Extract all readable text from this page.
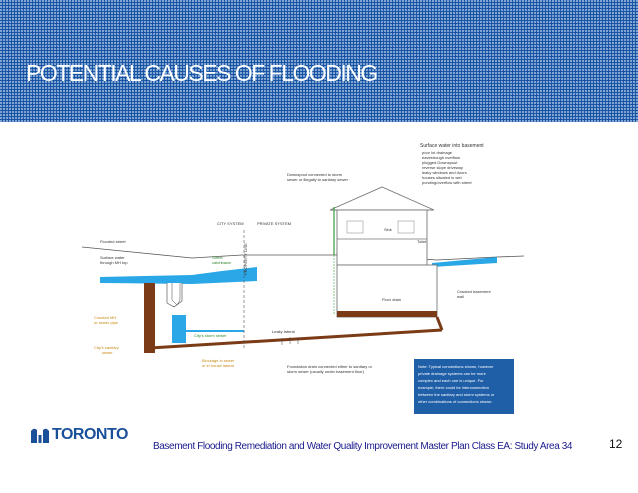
POTENTIAL CAUSES OF FLOODING
Surface water into basement
poor lot drainage
eavestrough overflow
plugged Downspout
reverse slope driveway
leaky windows and doors
houses situated in wet
ponding/overflow with street
Downspout connected to storm
sewer or illegally to sanitary sewer
CITY SYSTEM	PRIVATE SYSTEM
PROPERTY LINE
Flooded street
Surface water
through MH top
Street
catchbasin
Sink
Toilet
Floor drain
Cracked basement
wall
Cracked MH
or sewer pipe
City's sanitary
sewer
City's storm sewer
Leaky lateral
Blockage in sewer
or in house lateral	Foundation drain connected either to sanitary or
storm sewer (usually under basement floor)
Note: Typical connections shown, however
private drainage systems can be more
complex and each one is unique. For
example, there could be interconnection
between the sanitary and storm systems or
other combinations of connections shown.
TORONTO
Basement Flooding Remediation and Water Quality Improvement Master Plan Class EA: Study Area 34	12
